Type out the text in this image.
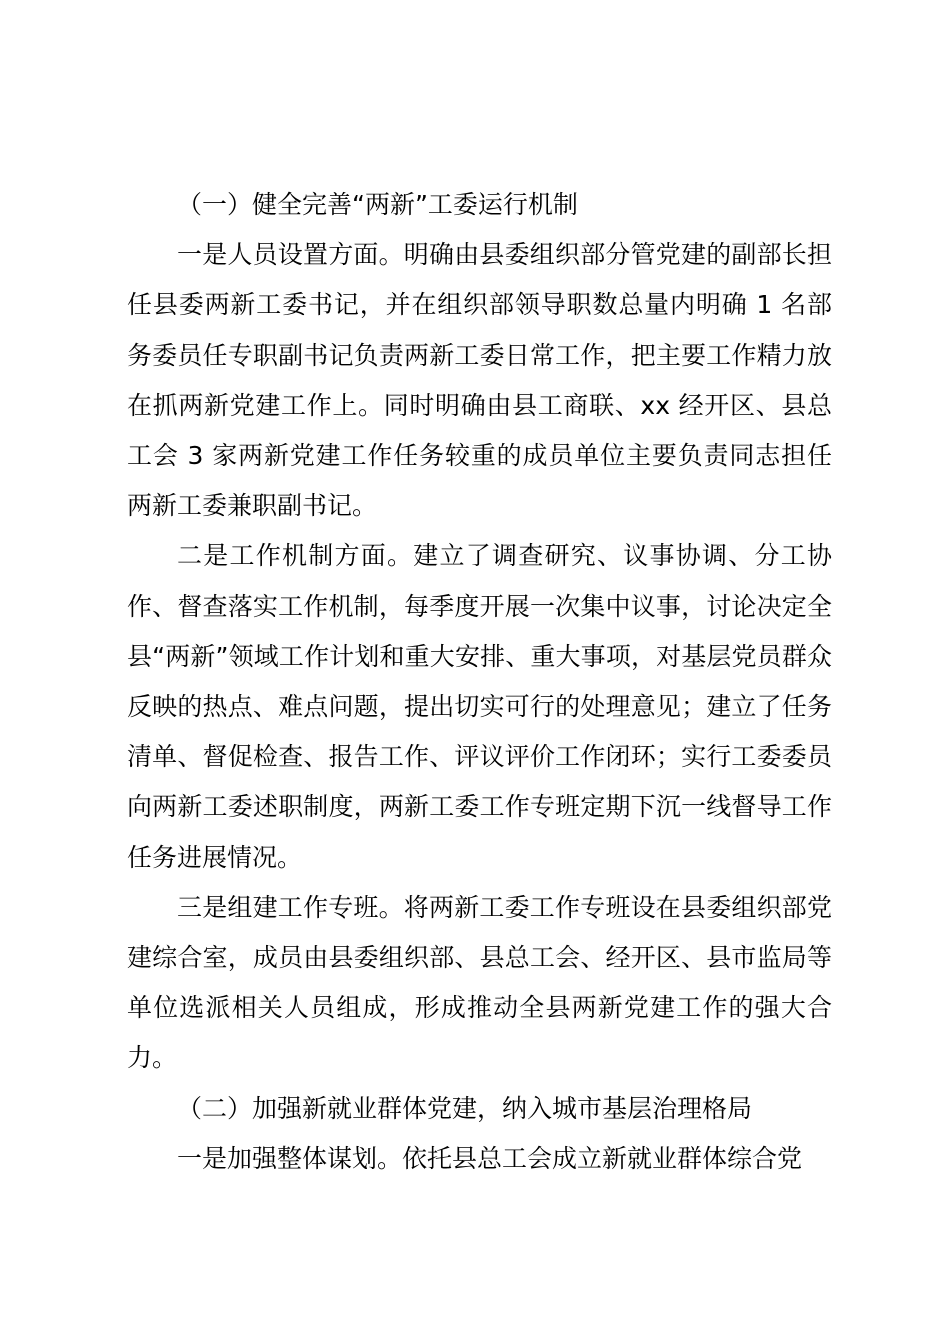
（一）健全完善“两新”工委运行机制

一是人员设置方面。明确由县委组织部分管党建的副部长担任县委两新工委书记，并在组织部领导职数总量内明确 1 名部务委员任专职副书记负责两新工委日常工作，把主要工作精力放在抓两新党建工作上。同时明确由县工商联、xx 经开区、县总工会 3 家两新党建工作任务较重的成员单位主要负责同志担任两新工委兼职副书记。

二是工作机制方面。建立了调查研究、议事协调、分工协作、督查落实工作机制，每季度开展一次集中议事，讨论决定全县“两新”领域工作计划和重大安排、重大事项，对基层党员群众反映的热点、难点问题，提出切实可行的处理意见；建立了任务清单、督促检查、报告工作、评议评价工作闭环；实行工委委员向两新工委述职制度，两新工委工作专班定期下沉一线督导工作任务进展情况。

三是组建工作专班。将两新工委工作专班设在县委组织部党建综合室，成员由县委组织部、县总工会、经开区、县市监局等单位选派相关人员组成，形成推动全县两新党建工作的强大合力。

（二）加强新就业群体党建，纳入城市基层治理格局

一是加强整体谋划。依托县总工会成立新就业群体综合党
